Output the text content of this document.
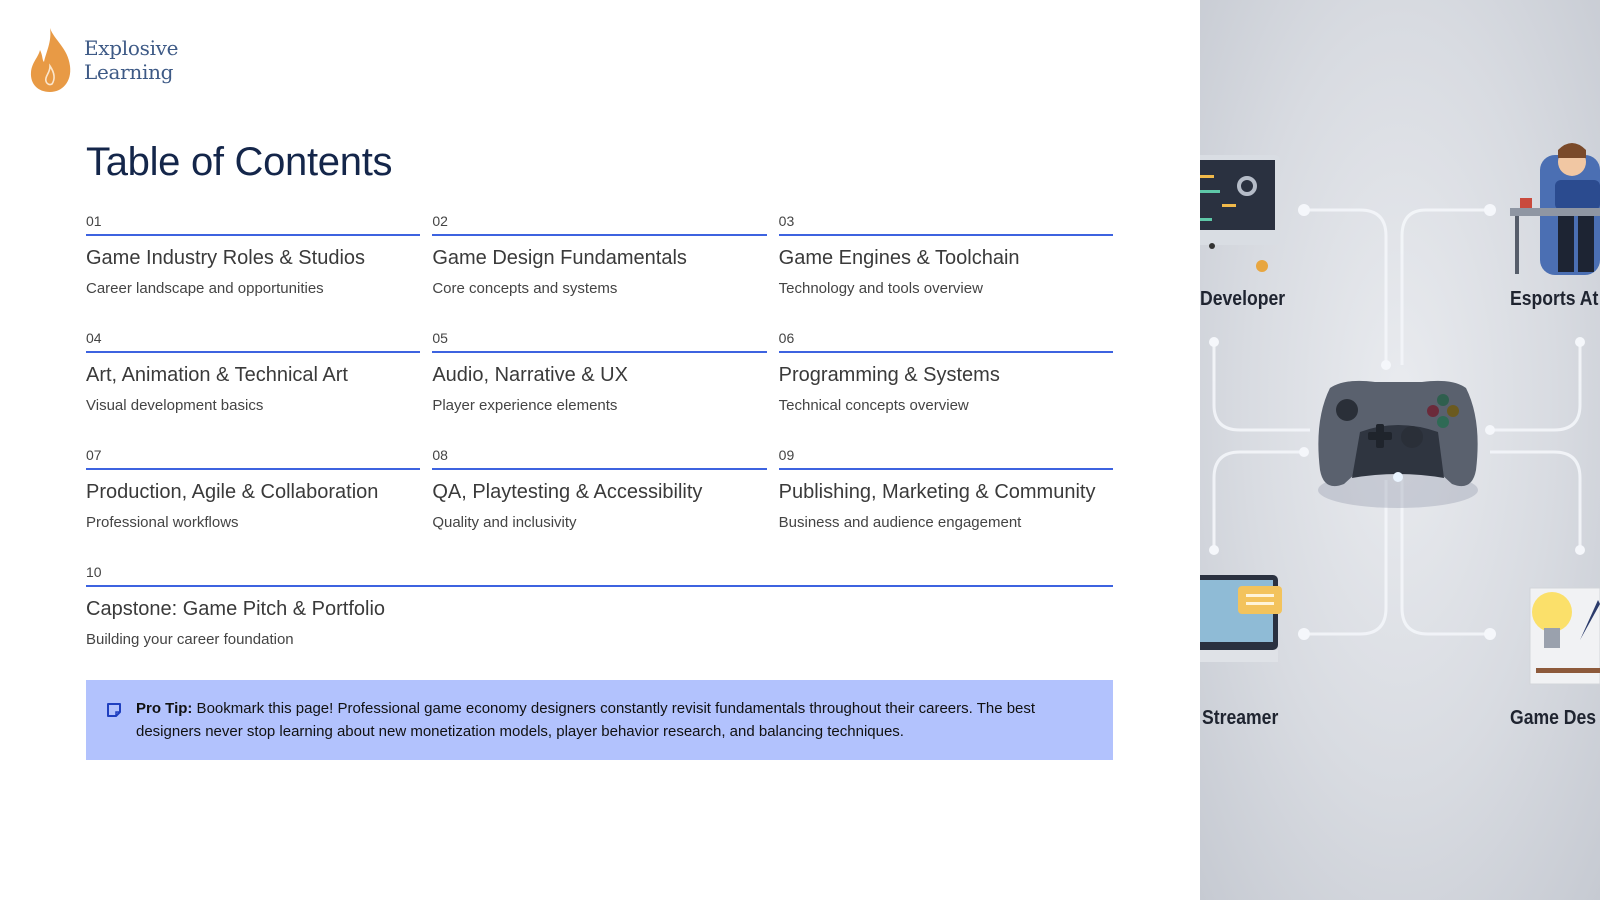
Explosive
Learning
Table of Contents
01
Game Industry Roles & Studios
Career landscape and opportunities
02
Game Design Fundamentals
Core concepts and systems
03
Game Engines & Toolchain
Technology and tools overview
04
Art, Animation & Technical Art
Visual development basics
05
Audio, Narrative & UX
Player experience elements
06
Programming & Systems
Technical concepts overview
07
Production, Agile & Collaboration
Professional workflows
08
QA, Playtesting & Accessibility
Quality and inclusivity
09
Publishing, Marketing & Community
Business and audience engagement
10
Capstone: Game Pitch & Portfolio
Building your career foundation

Pro Tip: Bookmark this page! Professional game economy designers constantly revisit fundamentals throughout their careers. The best designers never stop learning about new monetization models, player behavior research, and balancing techniques.

Developer	Esports At
Streamer	Game Des
